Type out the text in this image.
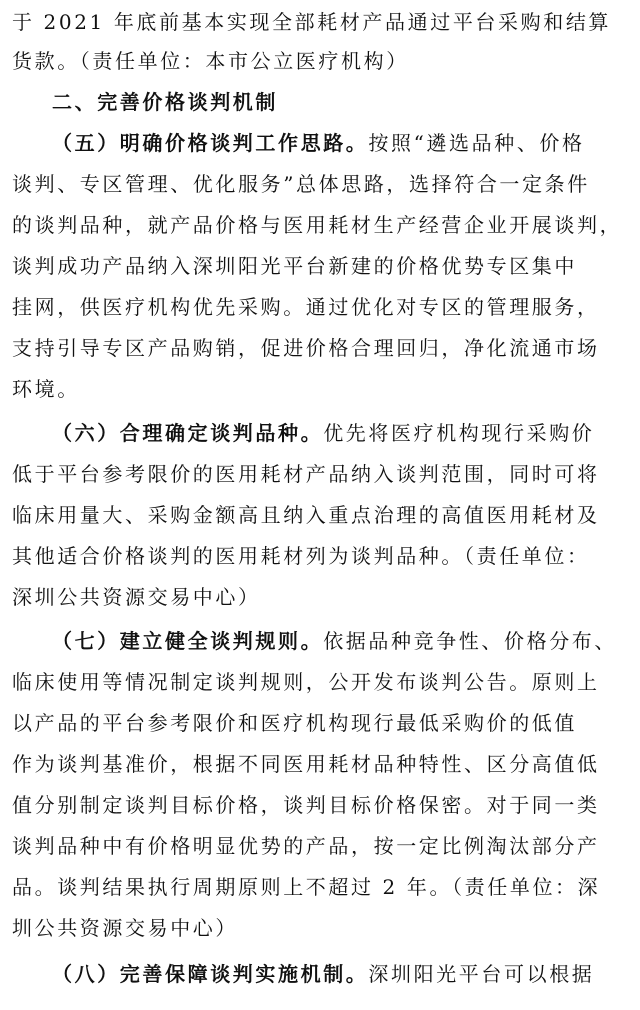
于 2021 年底前基本实现全部耗材产品通过平台采购和结算
货款。（责任单位：本市公立医疗机构）
二、完善价格谈判机制
（五）明确价格谈判工作思路。按照“遴选品种、价格
谈判、专区管理、优化服务”总体思路，选择符合一定条件
的谈判品种，就产品价格与医用耗材生产经营企业开展谈判，
谈判成功产品纳入深圳阳光平台新建的价格优势专区集中
挂网，供医疗机构优先采购。通过优化对专区的管理服务，
支持引导专区产品购销，促进价格合理回归，净化流通市场
环境。
（六）合理确定谈判品种。优先将医疗机构现行采购价
低于平台参考限价的医用耗材产品纳入谈判范围，同时可将
临床用量大、采购金额高且纳入重点治理的高值医用耗材及
其他适合价格谈判的医用耗材列为谈判品种。（责任单位：
深圳公共资源交易中心）
（七）建立健全谈判规则。依据品种竞争性、价格分布、
临床使用等情况制定谈判规则，公开发布谈判公告。原则上
以产品的平台参考限价和医疗机构现行最低采购价的低值
作为谈判基准价，根据不同医用耗材品种特性、区分高值低
值分别制定谈判目标价格，谈判目标价格保密。对于同一类
谈判品种中有价格明显优势的产品，按一定比例淘汰部分产
品。谈判结果执行周期原则上不超过 2 年。（责任单位：深
圳公共资源交易中心）
（八）完善保障谈判实施机制。深圳阳光平台可以根据
